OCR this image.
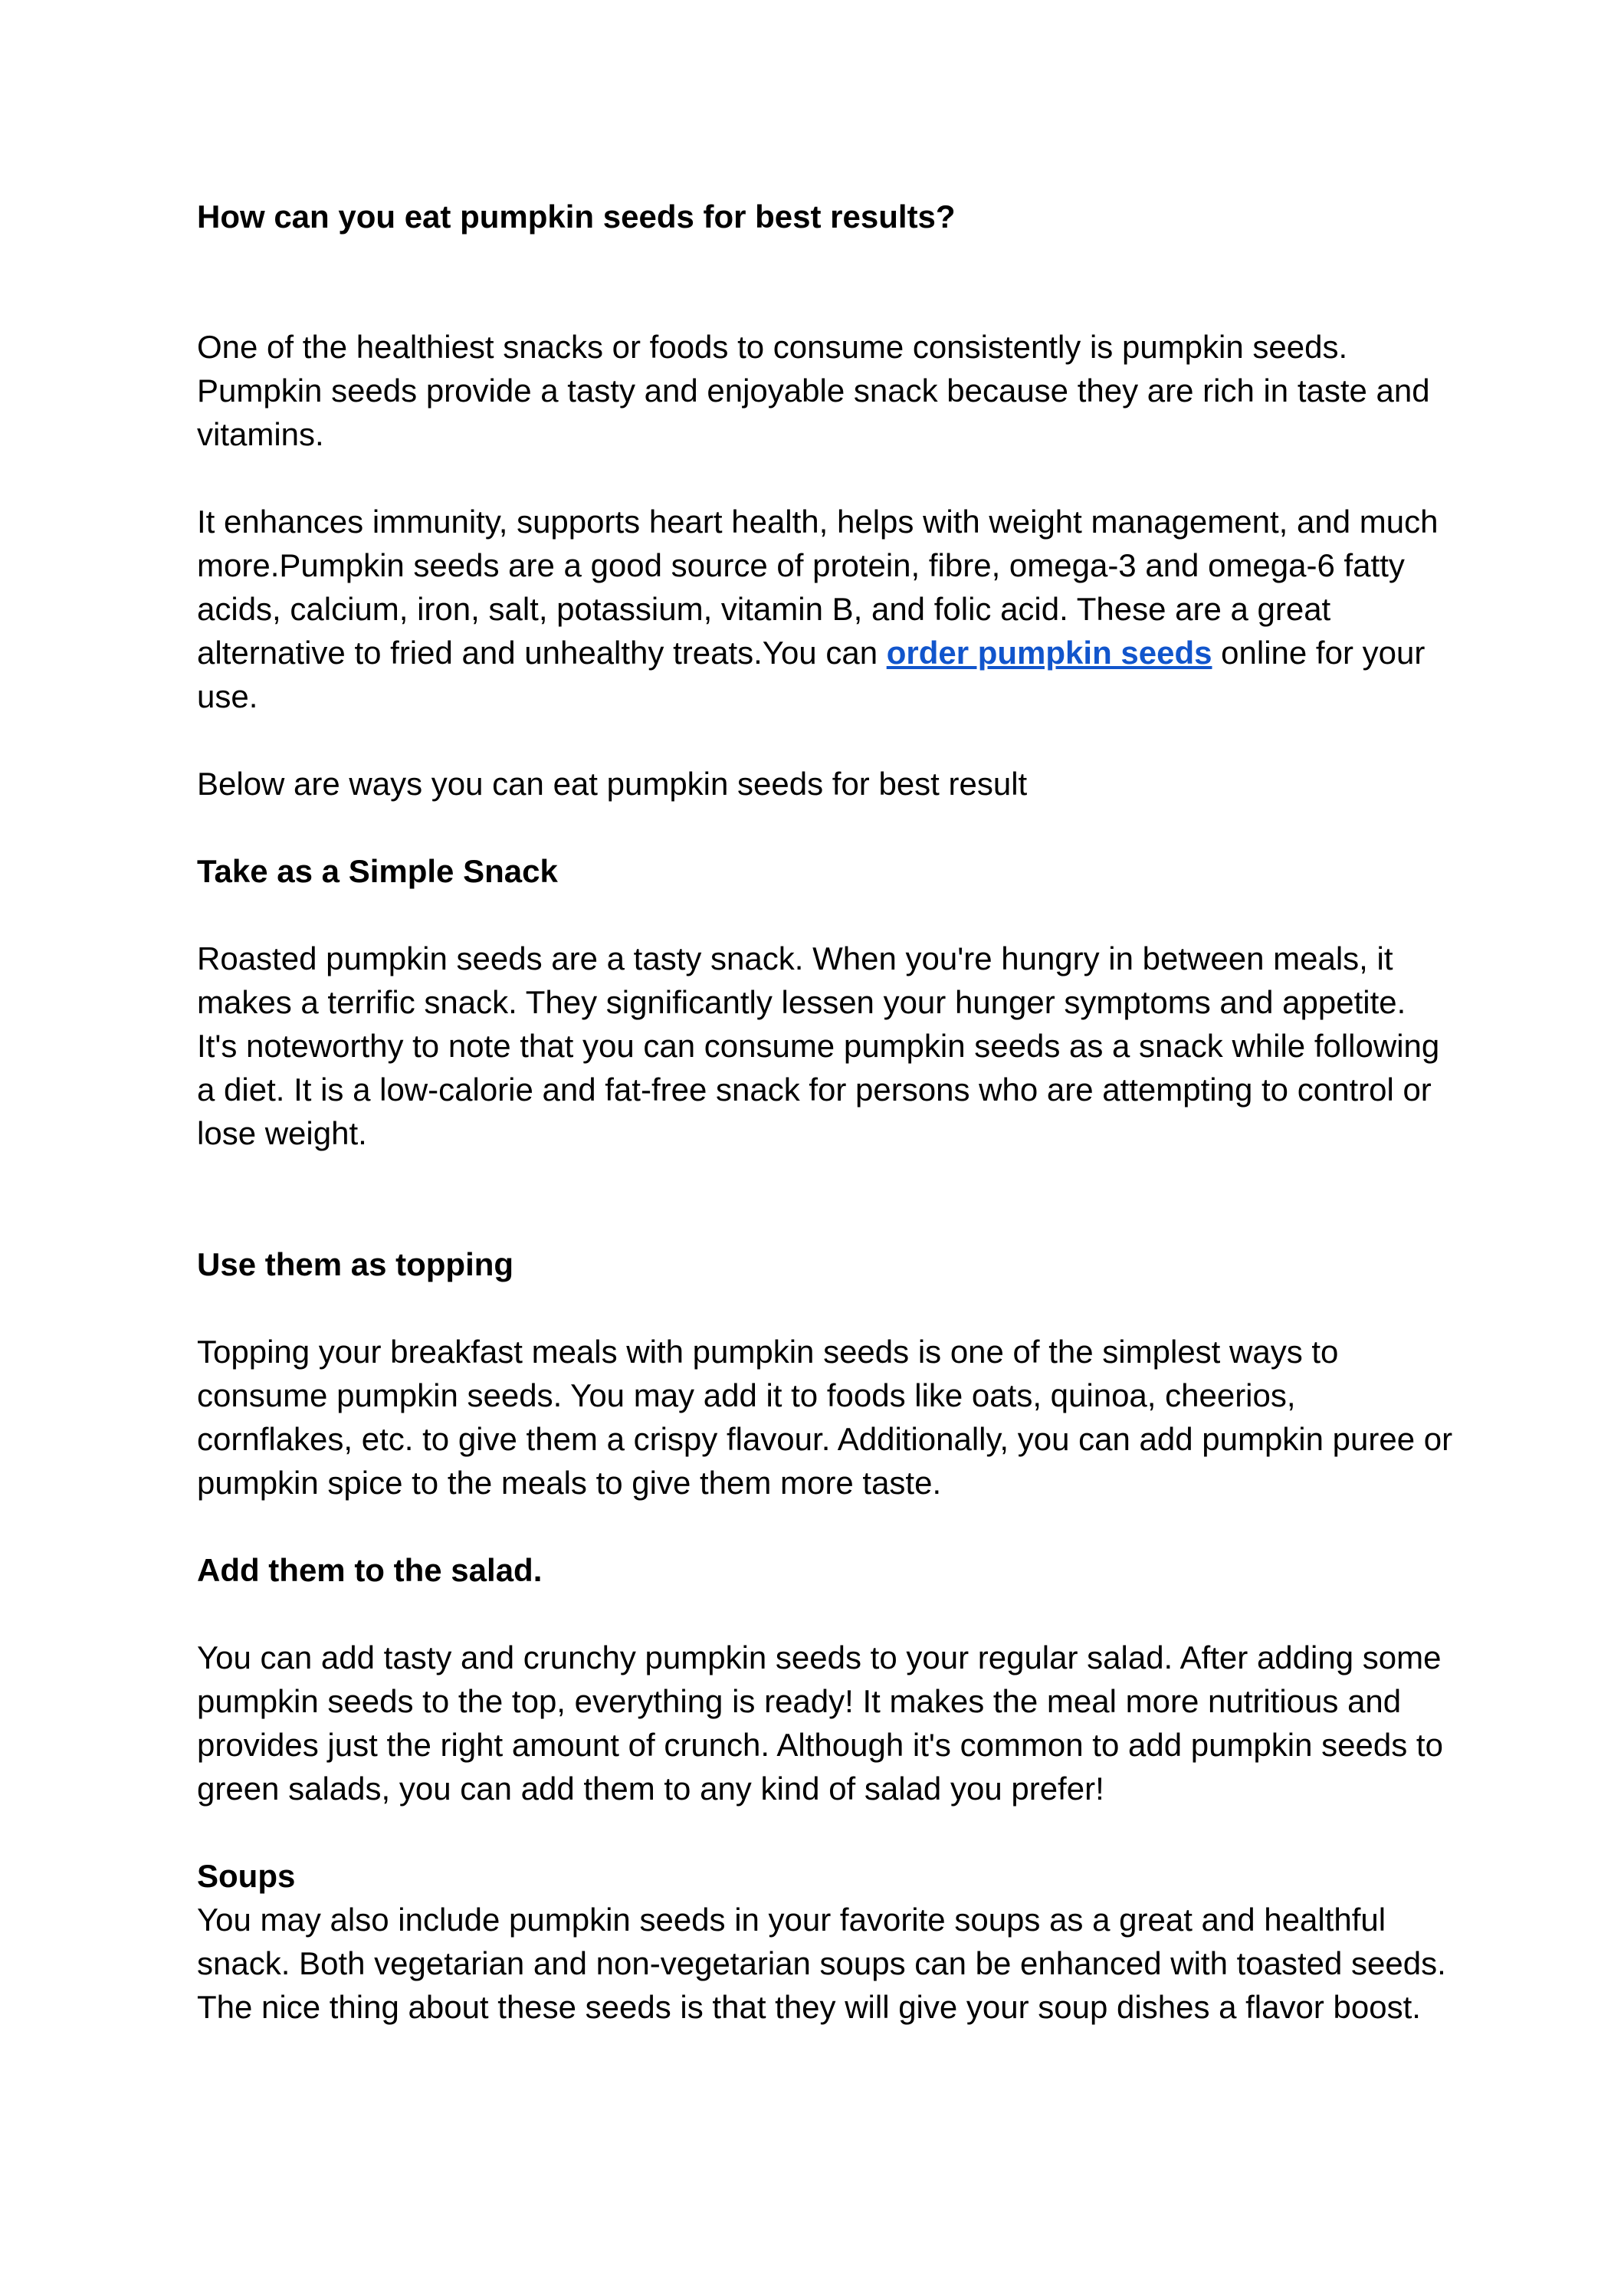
How can you eat pumpkin seeds for best results?

One of the healthiest snacks or foods to consume consistently is pumpkin seeds. Pumpkin seeds provide a tasty and enjoyable snack because they are rich in taste and vitamins.

It enhances immunity, supports heart health, helps with weight management, and much more.Pumpkin seeds are a good source of protein, fibre, omega-3 and omega-6 fatty acids, calcium, iron, salt, potassium, vitamin B, and folic acid. These are a great alternative to fried and unhealthy treats.You can order pumpkin seeds online for your use.

Below are ways you can eat pumpkin seeds for best result

Take as a Simple Snack

Roasted pumpkin seeds are a tasty snack. When you're hungry in between meals, it makes a terrific snack. They significantly lessen your hunger symptoms and appetite. It's noteworthy to note that you can consume pumpkin seeds as a snack while following a diet. It is a low-calorie and fat-free snack for persons who are attempting to control or lose weight.

Use them as topping

Topping your breakfast meals with pumpkin seeds is one of the simplest ways to consume pumpkin seeds. You may add it to foods like oats, quinoa, cheerios, cornflakes, etc. to give them a crispy flavour. Additionally, you can add pumpkin puree or pumpkin spice to the meals to give them more taste.

Add them to the salad.

You can add tasty and crunchy pumpkin seeds to your regular salad. After adding some pumpkin seeds to the top, everything is ready! It makes the meal more nutritious and provides just the right amount of crunch. Although it's common to add pumpkin seeds to green salads, you can add them to any kind of salad you prefer!

Soups

You may also include pumpkin seeds in your favorite soups as a great and healthful snack. Both vegetarian and non-vegetarian soups can be enhanced with toasted seeds. The nice thing about these seeds is that they will give your soup dishes a flavor boost.
